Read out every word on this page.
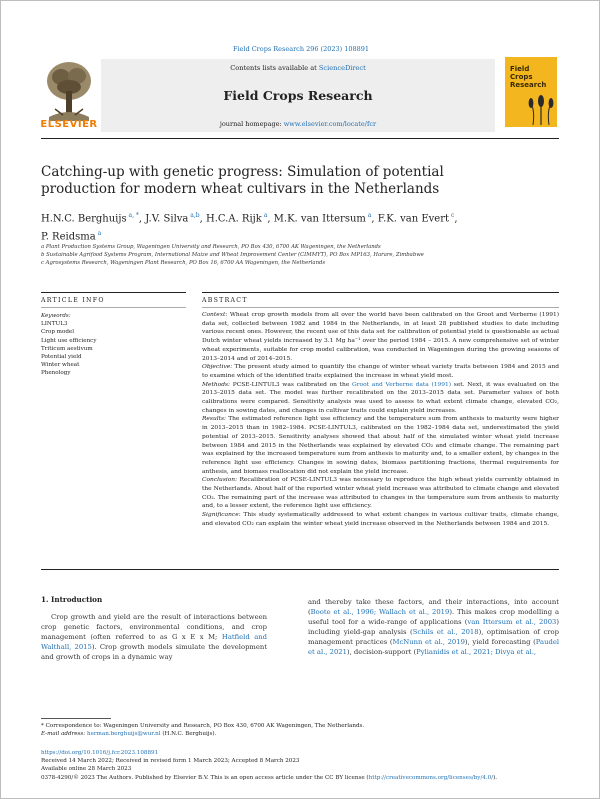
Field Crops Research 296 (2023) 108891
ELSEVIER
Contents lists available at ScienceDirect
Field Crops Research
journal homepage: www.elsevier.com/locate/fcr
Field
Crops
Research
Catching-up with genetic progress: Simulation of potential production for modern wheat cultivars in the Netherlands
H.N.C. Berghuijs $^{a, *}$, J.V. Silva $^{a,b}$, H.C.A. Rijk $^a$, M.K. van Ittersum $^a$, F.K. van Evert $^c$,
P. Reidsma $^a$
a Plant Production Systems Group, Wageningen University and Research, PO Box 430, 6700 AK Wageningen, the Netherlands
b Sustainable Agrifood Systems Program, International Maize and Wheat Improvement Center (CIMMYT), PO Box MP163, Harare, Zimbabwe
c Agrosystems Research, Wageningen Plant Research, PO Box 16, 6700 AA Wageningen, the Netherlands
ARTICLE INFO	ABSTRACT
Keywords:
LINTUL3
Crop model
Light use efficiency
Triticum aestivum
Potential yield
Winter wheat
Phenology

Context: Wheat crop growth models from all over the world have been calibrated on the Groot and Verberne (1991) data set, collected between 1982 and 1984 in the Netherlands, in at least 28 published studies to date including various recent ones. However, the recent use of this data set for calibration of potential yield is questionable as actual Dutch winter wheat yields increased by 3.1 Mg ha⁻¹ over the period 1984 – 2015. A new comprehensive set of winter wheat experiments, suitable for crop model calibration, was conducted in Wageningen during the growing seasons of 2013–2014 and of 2014–2015.

Objective: The present study aimed to quantify the change of winter wheat variety traits between 1984 and 2015 and to examine which of the identified traits explained the increase in wheat yield most.

Methods: PCSE-LINTUL3 was calibrated on the Groot and Verberne data (1991) set. Next, it was evaluated on the 2013–2015 data set. The model was further recalibrated on the 2013–2015 data set. Parameter values of both calibrations were compared. Sensitivity analysis was used to assess to what extent climate change, elevated CO₂, changes in sowing dates, and changes in cultivar traits could explain yield increases.

Results: The estimated reference light use efficiency and the temperature sum from anthesis to maturity were higher in 2013–2015 than in 1982–1984. PCSE-LINTUL3, calibrated on the 1982–1984 data set, underestimated the yield potential of 2013–2015. Sensitivity analyses showed that about half of the simulated winter wheat yield increase between 1984 and 2015 in the Netherlands was explained by elevated CO₂ and climate change. The remaining part was explained by the increased temperature sum from anthesis to maturity and, to a smaller extent, by changes in the reference light use efficiency. Changes in sowing dates, biomass partitioning fractions, thermal requirements for anthesis, and biomass reallocation did not explain the yield increase.

Conclusion: Recalibration of PCSE-LINTUL3 was necessary to reproduce the high wheat yields currently obtained in the Netherlands. About half of the reported winter wheat yield increase was attributed to climate change and elevated CO₂. The remaining part of the increase was attributed to changes in the temperature sum from anthesis to maturity and, to a lesser extent, the reference light use efficiency.

Significance: This study systematically addressed to what extent changes in various cultivar traits, climate change, and elevated CO₂ can explain the winter wheat yield increase observed in the Netherlands between 1984 and 2015.

1. Introduction
Crop growth and yield are the result of interactions between crop genetic factors, environmental conditions, and crop management (often referred to as G x E x M; Hatfield and Walthall, 2015). Crop growth models simulate the development and growth of crops in a dynamic way
and thereby take these factors, and their interactions, into account (Boote et al., 1996; Wallach et al., 2019). This makes crop modelling a useful tool for a wide-range of applications (van Ittersum et al., 2003) including yield-gap analysis (Schils et al., 2018), optimisation of crop management practices (McNunn et al., 2019), yield forecasting (Paudel et al., 2021), decision-support (Pylianidis et al., 2021; Divya et al.,
* Correspondence to: Wageningen University and Research, PO Box 430, 6700 AK Wageningen, The Netherlands.
E-mail address: herman.berghuijs@wur.nl (H.N.C. Berghuijs).
https://doi.org/10.1016/j.fcr.2023.108891
Received 14 March 2022; Received in revised form 1 March 2023; Accepted 8 March 2023
Available online 28 March 2023
0378-4290/© 2023 The Authors. Published by Elsevier B.V. This is an open access article under the CC BY license (http://creativecommons.org/licenses/by/4.0/).
